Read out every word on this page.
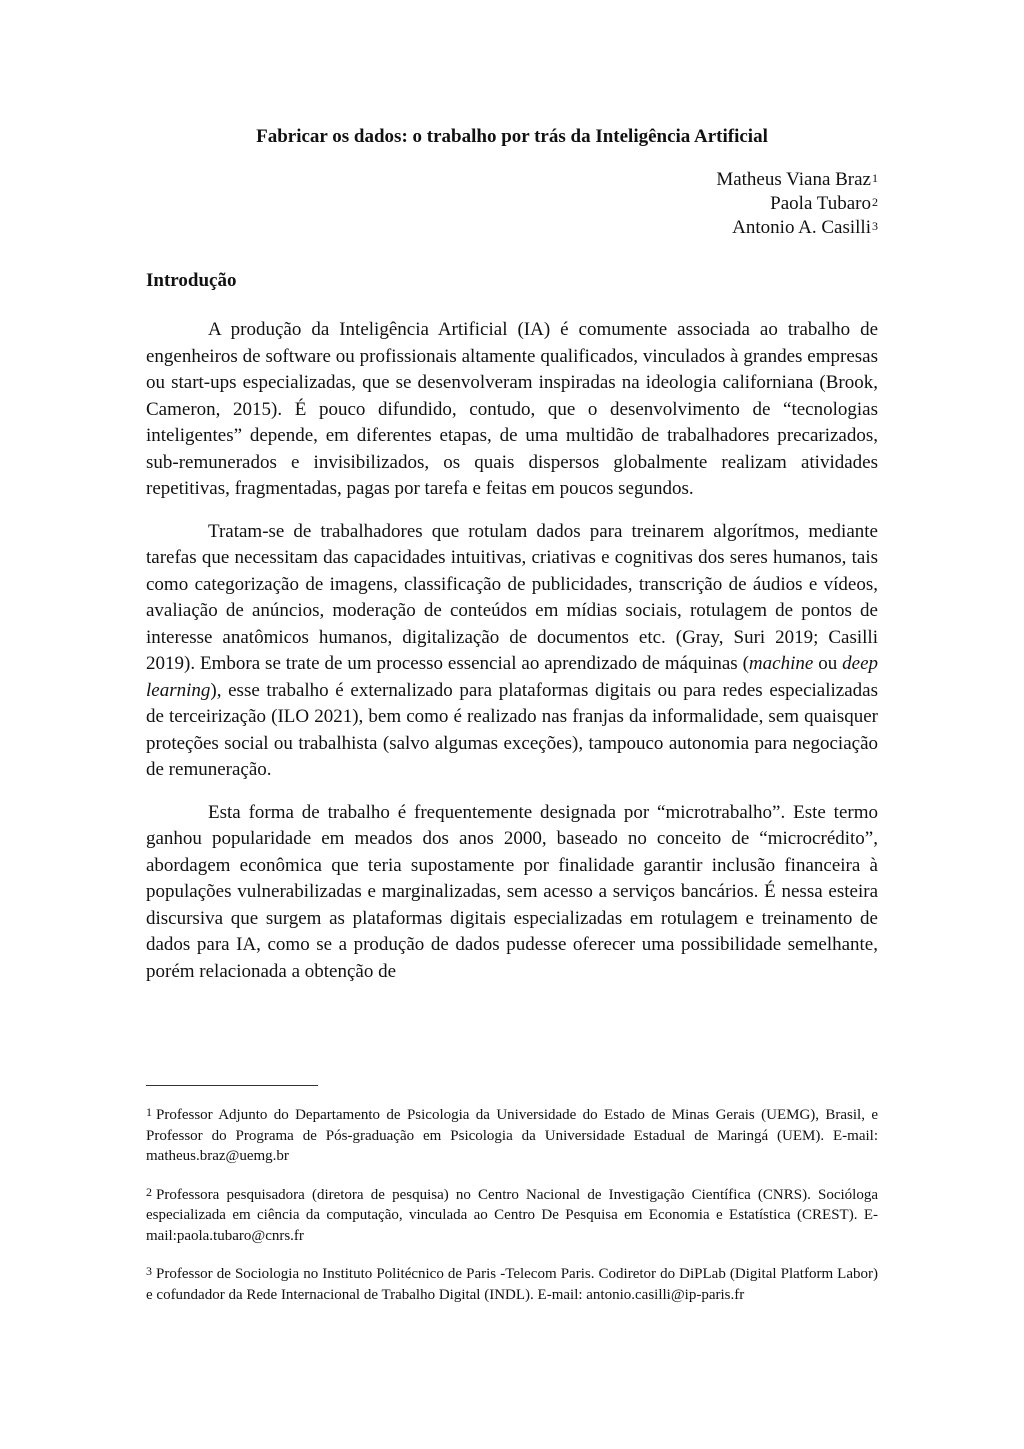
Fabricar os dados: o trabalho por trás da Inteligência Artificial
Matheus Viana Braz$^1$
Paola Tubaro$^2$
Antonio A. Casilli$^3$
Introdução

A produção da Inteligência Artificial (IA) é comumente associada ao trabalho de engenheiros de software ou profissionais altamente qualificados, vinculados à grandes empresas ou start-ups especializadas, que se desenvolveram inspiradas na ideologia californiana (Brook, Cameron, 2015). É pouco difundido, contudo, que o desenvolvimento de “tecnologias inteligentes” depende, em diferentes etapas, de uma multidão de trabalhadores precarizados, sub-remunerados e invisibilizados, os quais dispersos globalmente realizam atividades repetitivas, fragmentadas, pagas por tarefa e feitas em poucos segundos.

Tratam-se de trabalhadores que rotulam dados para treinarem algorítmos, mediante tarefas que necessitam das capacidades intuitivas, criativas e cognitivas dos seres humanos, tais como categorização de imagens, classificação de publicidades, transcrição de áudios e vídeos, avaliação de anúncios, moderação de conteúdos em mídias sociais, rotulagem de pontos de interesse anatômicos humanos, digitalização de documentos etc. (Gray, Suri 2019; Casilli 2019). Embora se trate de um processo essencial ao aprendizado de máquinas (machine ou deep learning), esse trabalho é externalizado para plataformas digitais ou para redes especializadas de terceirização (ILO 2021), bem como é realizado nas franjas da informalidade, sem quaisquer proteções social ou trabalhista (salvo algumas exceções), tampouco autonomia para negociação de remuneração.

Esta forma de trabalho é frequentemente designada por “microtrabalho”. Este termo ganhou popularidade em meados dos anos 2000, baseado no conceito de “microcrédito”, abordagem econômica que teria supostamente por finalidade garantir inclusão financeira à populações vulnerabilizadas e marginalizadas, sem acesso a serviços bancários. É nessa esteira discursiva que surgem as plataformas digitais especializadas em rotulagem e treinamento de dados para IA, como se a produção de dados pudesse oferecer uma possibilidade semelhante, porém relacionada a obtenção de

$^1$ Professor Adjunto do Departamento de Psicologia da Universidade do Estado de Minas Gerais (UEMG), Brasil, e Professor do Programa de Pós-graduação em Psicologia da Universidade Estadual de Maringá (UEM). E-mail: matheus.braz@uemg.br

$^2$ Professora pesquisadora (diretora de pesquisa) no Centro Nacional de Investigação Científica (CNRS). Socióloga especializada em ciência da computação, vinculada ao Centro De Pesquisa em Economia e Estatística (CREST). E-mail:paola.tubaro@cnrs.fr

$^3$ Professor de Sociologia no Instituto Politécnico de Paris -Telecom Paris. Codiretor do DiPLab (Digital Platform Labor) e cofundador da Rede Internacional de Trabalho Digital (INDL). E-mail: antonio.casilli@ip-paris.fr
